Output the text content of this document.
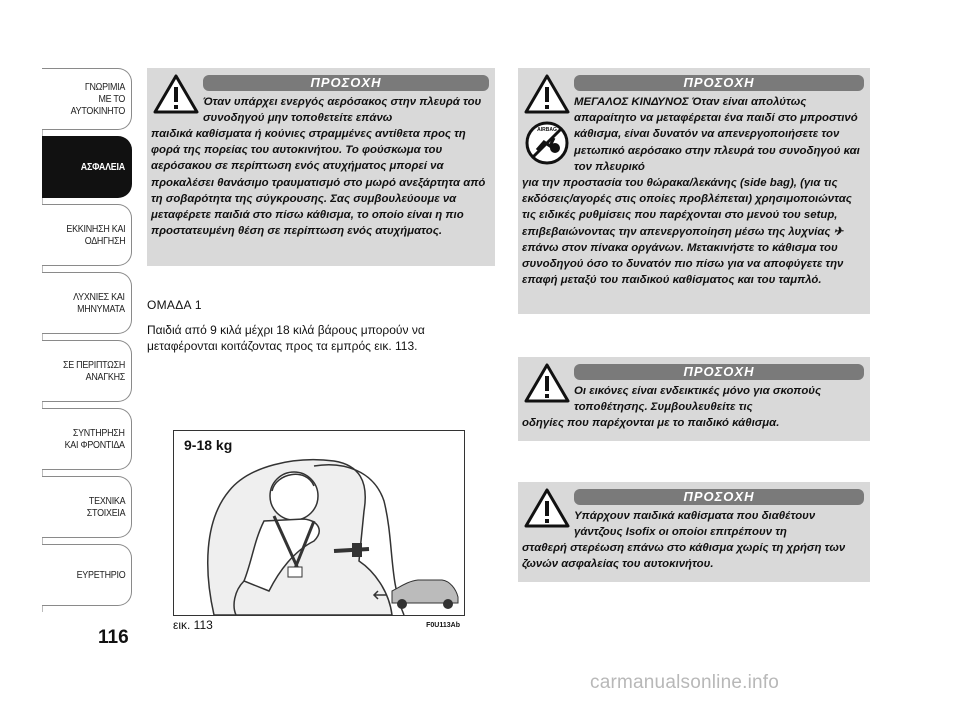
ΓΝΩΡΙΜΙΑ
ΜΕ ΤΟ
ΑΥΤΟΚΙΝΗΤΟ
ΑΣΦΑΛΕΙΑ
ΕΚΚΙΝΗΣΗ ΚΑΙ
ΟΔΗΓΗΣΗ
ΛΥΧΝΙΕΣ ΚΑΙ
ΜΗΝΥΜΑΤΑ
ΣΕ ΠΕΡΙΠΤΩΣΗ
ΑΝΑΓΚΗΣ
ΣΥΝΤΗΡΗΣΗ
ΚΑΙ ΦΡΟΝΤΙΔΑ
ΤΕΧΝΙΚΑ
ΣΤΟΙΧΕΙΑ
ΕΥΡΕΤΗΡΙΟ
116
ΠΡΟΣΟΧΗ
Όταν υπάρχει ενεργός αερόσακος στην πλευρά του συνοδηγού μην τοποθετείτε επάνω
παιδικά καθίσματα ή κούνιες στραμμένες αντίθετα προς τη φορά της πορείας του αυτοκινήτου. Το φούσκωμα του αερόσακου σε περίπτωση ενός ατυχήματος μπορεί να προκαλέσει θανάσιμο τραυματισμό στο μωρό ανεξάρτητα από τη σοβαρότητα της σύγκρουσης. Σας συμβουλεύουμε να μεταφέρετε παιδιά στο πίσω κάθισμα, το οποίο είναι η πιο προστατευμένη θέση σε περίπτωση ενός ατυχήματος.
ΠΡΟΣΟΧΗ
AIRBAG
ΜΕΓΑΛΟΣ ΚΙΝΔΥΝΟΣ Όταν είναι απολύτως απαραίτητο να μεταφέρεται ένα παιδί στο μπροστινό κάθισμα, είναι δυνατόν να απενεργοποιήσετε τον μετωπικό αερόσακο στην πλευρά του συνοδηγού και τον πλευρικό
για την προστασία του θώρακα/λεκάνης (side bag), (για τις εκδόσεις/αγορές στις οποίες προβλέπεται) χρησιμοποιώντας τις ειδικές ρυθμίσεις που παρέχονται στο μενού του setup, επιβεβαιώνοντας την απενεργοποίηση μέσω της λυχνίας ✈ επάνω στον πίνακα οργάνων. Μετακινήστε το κάθισμα του συνοδηγού όσο το δυνατόν πιο πίσω για να αποφύγετε την επαφή μεταξύ του παιδικού καθίσματος και του ταμπλό.
ΠΡΟΣΟΧΗ
Οι εικόνες είναι ενδεικτικές μόνο για σκοπούς τοποθέτησης. Συμβουλευθείτε τις
οδηγίες που παρέχονται με το παιδικό κάθισμα.
ΠΡΟΣΟΧΗ
Υπάρχουν παιδικά καθίσματα που διαθέτουν γάντζους Isofix οι οποίοι επιτρέπουν τη
σταθερή στερέωση επάνω στο κάθισμα χωρίς τη χρήση των ζωνών ασφαλείας του αυτοκινήτου.
ΟΜΑΔΑ 1
Παιδιά από 9 κιλά μέχρι 18 κιλά βάρους μπορούν να μεταφέρονται κοιτάζοντας προς τα εμπρός εικ. 113.
9-18 kg
F0U113Ab
εικ. 113
carmanualsonline.info
